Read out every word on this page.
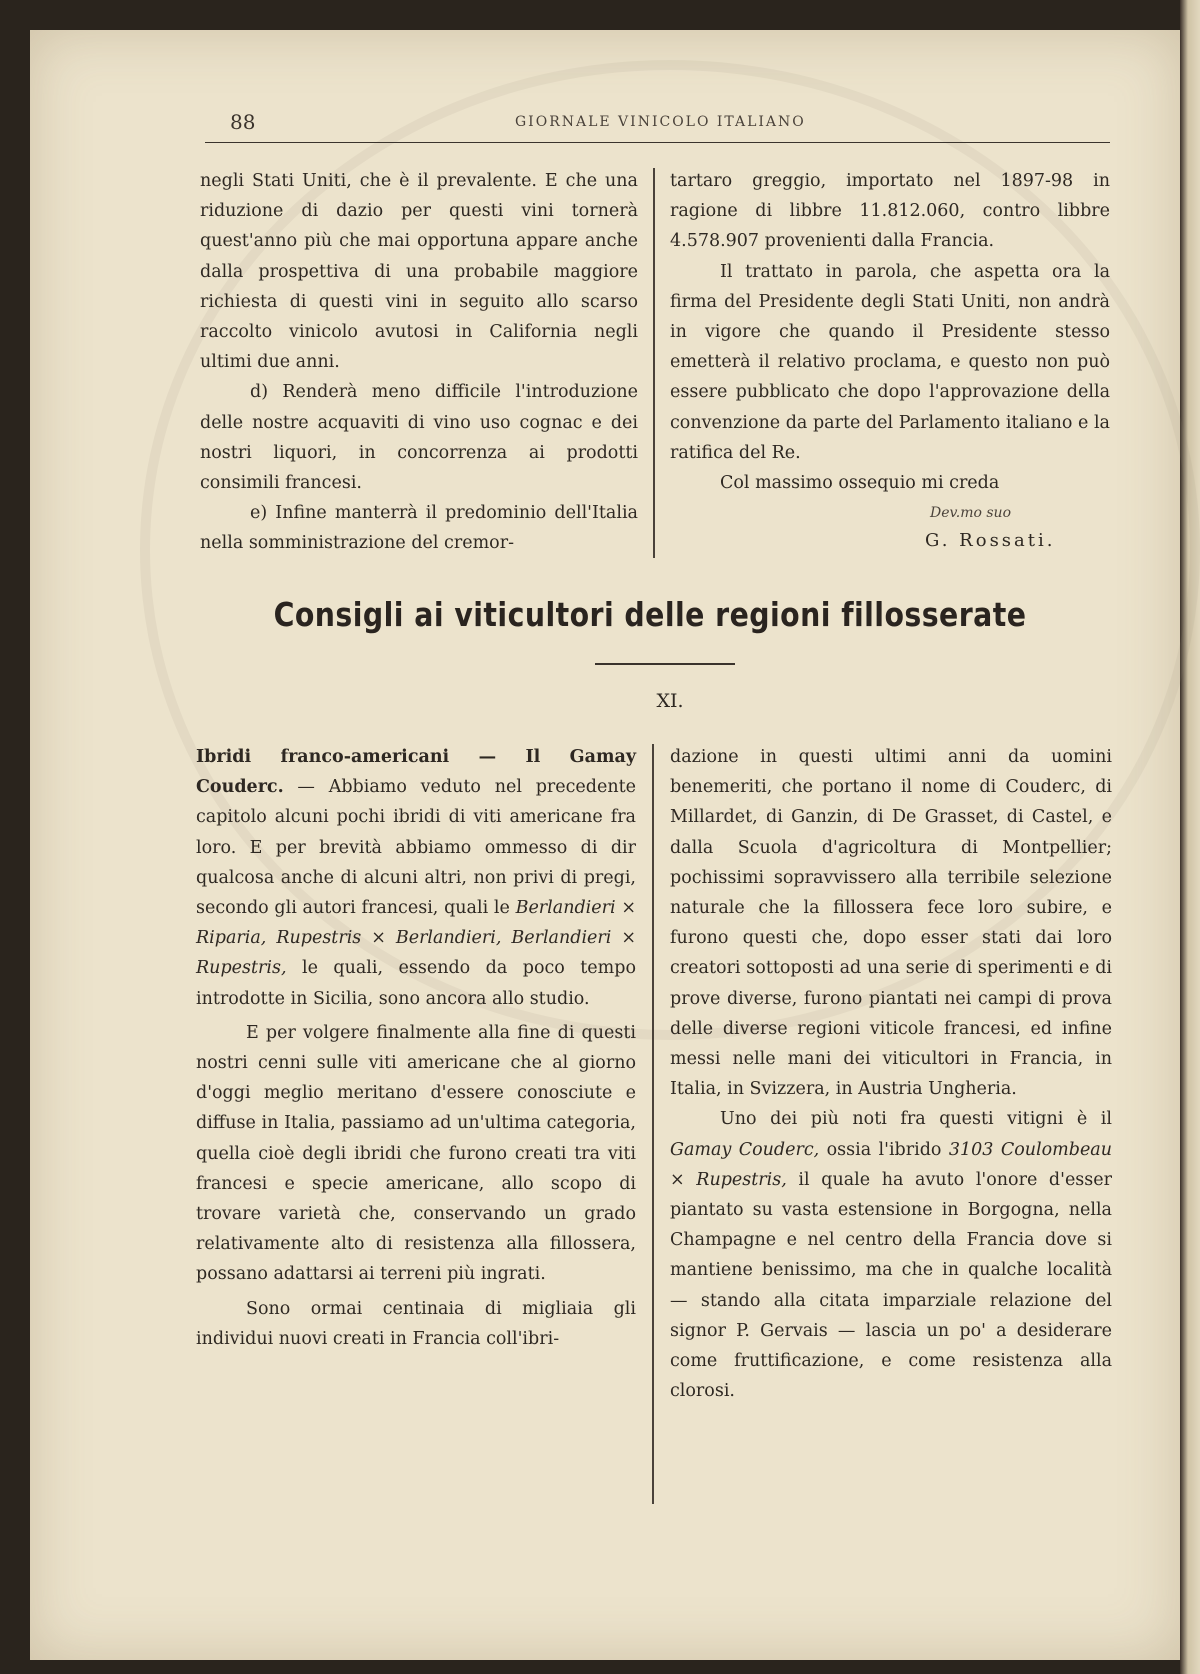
88	GIORNALE VINICOLO ITALIANO

negli Stati Uniti, che è il prevalente. E che una riduzione di dazio per questi vini tornerà quest'anno più che mai opportuna appare anche dalla prospettiva di una probabile maggiore richiesta di questi vini in seguito allo scarso raccolto vinicolo avutosi in California negli ultimi due anni.

d) Renderà meno difficile l'introduzione delle nostre acquaviti di vino uso cognac e dei nostri liquori, in concorrenza ai prodotti consimili francesi.

e) Infine manterrà il predominio dell'Italia nella somministrazione del cremor-

tartaro greggio, importato nel 1897-98 in ragione di libbre 11.812.060, contro libbre 4.578.907 provenienti dalla Francia.

Il trattato in parola, che aspetta ora la firma del Presidente degli Stati Uniti, non andrà in vigore che quando il Presidente stesso emetterà il relativo proclama, e questo non può essere pubblicato che dopo l'approvazione della convenzione da parte del Parlamento italiano e la ratifica del Re.

Col massimo ossequio mi creda

Dev.mo suo
G. Rossati.
Consigli ai viticultori delle regioni fillosserate
XI.

Ibridi franco-americani — Il Gamay Couderc. — Abbiamo veduto nel precedente capitolo alcuni pochi ibridi di viti americane fra loro. E per brevità abbiamo ommesso di dir qualcosa anche di alcuni altri, non privi di pregi, secondo gli autori francesi, quali le Berlandieri × Riparia, Rupestris × Berlandieri, Berlandieri × Rupestris, le quali, essendo da poco tempo introdotte in Sicilia, sono ancora allo studio.

E per volgere finalmente alla fine di questi nostri cenni sulle viti americane che al giorno d'oggi meglio meritano d'essere conosciute e diffuse in Italia, passiamo ad un'ultima categoria, quella cioè degli ibridi che furono creati tra viti francesi e specie americane, allo scopo di trovare varietà che, conservando un grado relativamente alto di resistenza alla fillossera, possano adattarsi ai terreni più ingrati.

Sono ormai centinaia di migliaia gli individui nuovi creati in Francia coll'ibri-

dazione in questi ultimi anni da uomini benemeriti, che portano il nome di Couderc, di Millardet, di Ganzin, di De Grasset, di Castel, e dalla Scuola d'agricoltura di Montpellier; pochissimi sopravvissero alla terribile selezione naturale che la fillossera fece loro subire, e furono questi che, dopo esser stati dai loro creatori sottoposti ad una serie di sperimenti e di prove diverse, furono piantati nei campi di prova delle diverse regioni viticole francesi, ed infine messi nelle mani dei viticultori in Francia, in Italia, in Svizzera, in Austria Ungheria.

Uno dei più noti fra questi vitigni è il Gamay Couderc, ossia l'ibrido 3103 Coulombeau × Rupestris, il quale ha avuto l'onore d'esser piantato su vasta estensione in Borgogna, nella Champagne e nel centro della Francia dove si mantiene benissimo, ma che in qualche località — stando alla citata imparziale relazione del signor P. Gervais — lascia un po' a desiderare come fruttificazione, e come resistenza alla clorosi.
